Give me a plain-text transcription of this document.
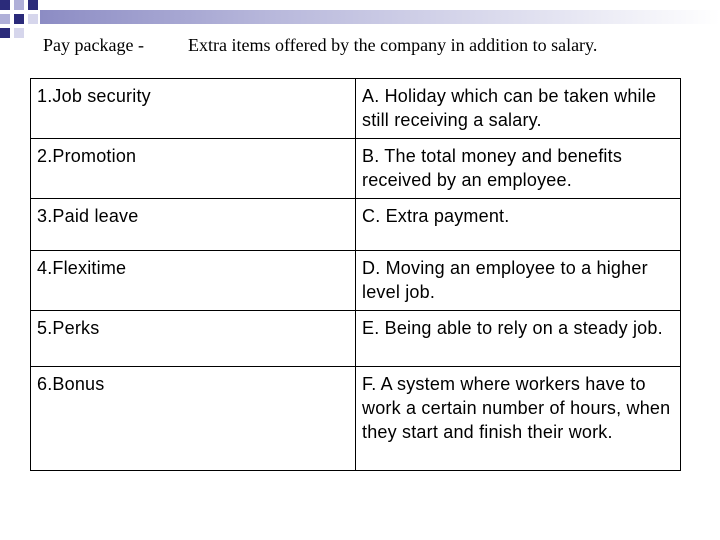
Pay package - Extra items offered by the company in addition to salary.
1.Job security	A. Holiday which can be taken while still receiving a salary.
2.Promotion	B. The total money and benefits received by an employee.
3.Paid leave	C. Extra payment.
4.Flexitime	D. Moving an employee to a higher level job.
5.Perks	E. Being able to rely on a steady job.
6.Bonus	F. A system where workers have to work a certain number of hours, when they start and finish their work.
